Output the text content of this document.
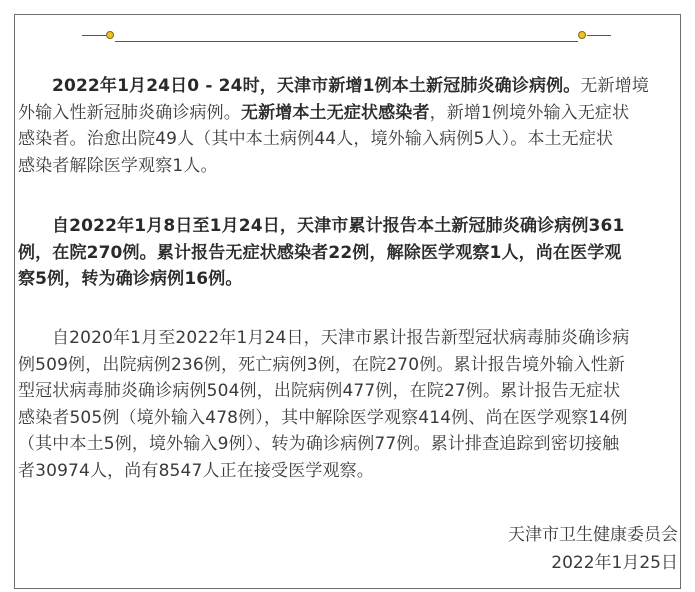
2022年1月24日0 - 24时，天津市新增1例本土新冠肺炎确诊病例。无新增境
外输入性新冠肺炎确诊病例。无新增本土无症状感染者，新增1例境外输入无症状
感染者。治愈出院49人（其中本土病例44人，境外输入病例5人）。本土无症状
感染者解除医学观察1人。

自2022年1月8日至1月24日，天津市累计报告本土新冠肺炎确诊病例361
例，在院270例。累计报告无症状感染者22例，解除医学观察1人，尚在医学观
察5例，转为确诊病例16例。

自2020年1月至2022年1月24日，天津市累计报告新型冠状病毒肺炎确诊病
例509例，出院病例236例，死亡病例3例，在院270例。累计报告境外输入性新
型冠状病毒肺炎确诊病例504例，出院病例477例，在院27例。累计报告无症状
感染者505例（境外输入478例），其中解除医学观察414例、尚在医学观察14例
（其中本土5例，境外输入9例）、转为确诊病例77例。累计排查追踪到密切接触
者30974人，尚有8547人正在接受医学观察。

天津市卫生健康委员会
2022年1月25日
